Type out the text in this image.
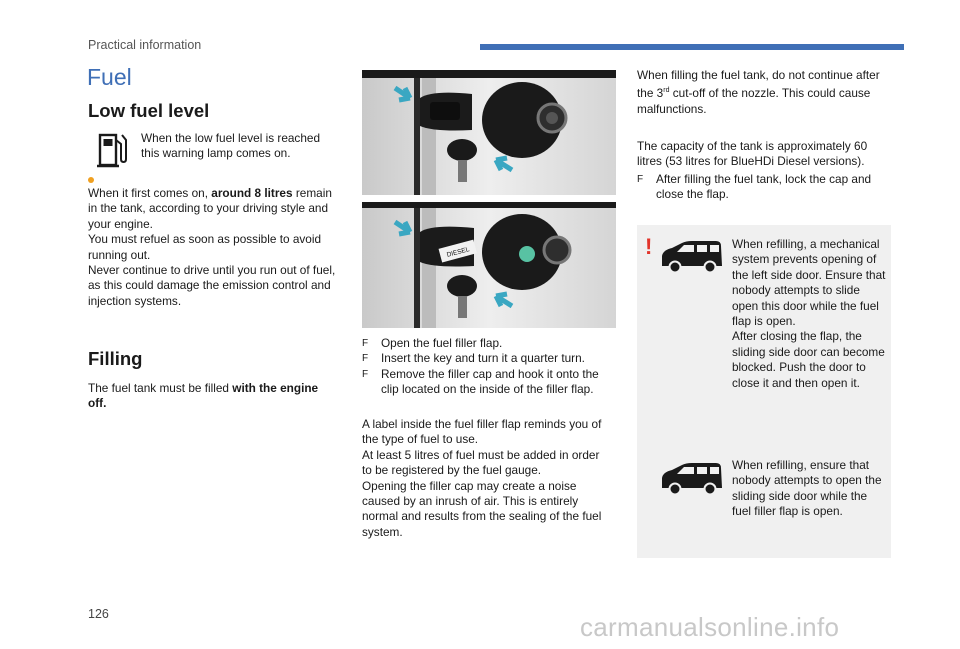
Practical information
Fuel
Low fuel level
When the low fuel level is reached this warning lamp comes on.
When it first comes on, around 8 litres remain in the tank, according to your driving style and your engine.
You must refuel as soon as possible to avoid running out.
Never continue to drive until you run out of fuel, as this could damage the emission control and injection systems.
Filling
The fuel tank must be filled with the engine off.
DIESEL
F Open the fuel filler flap.
F Insert the key and turn it a quarter turn.
F Remove the filler cap and hook it onto the clip located on the inside of the filler flap.
A label inside the fuel filler flap reminds you of the type of fuel to use.
At least 5 litres of fuel must be added in order to be registered by the fuel gauge.
Opening the filler cap may create a noise caused by an inrush of air. This is entirely normal and results from the sealing of the fuel system.
When filling the fuel tank, do not continue after the 3rd cut-off of the nozzle. This could cause malfunctions.
The capacity of the tank is approximately 60 litres (53 litres for BlueHDi Diesel versions).
F After filling the fuel tank, lock the cap and close the flap.
!	When refilling, a mechanical system prevents opening of the left side door. Ensure that nobody attempts to slide open this door while the fuel flap is open.
After closing the flap, the sliding side door can become blocked. Push the door to close it and then open it.
When refilling, ensure that nobody attempts to open the sliding side door while the fuel filler flap is open.
126	carmanualsonline.info
